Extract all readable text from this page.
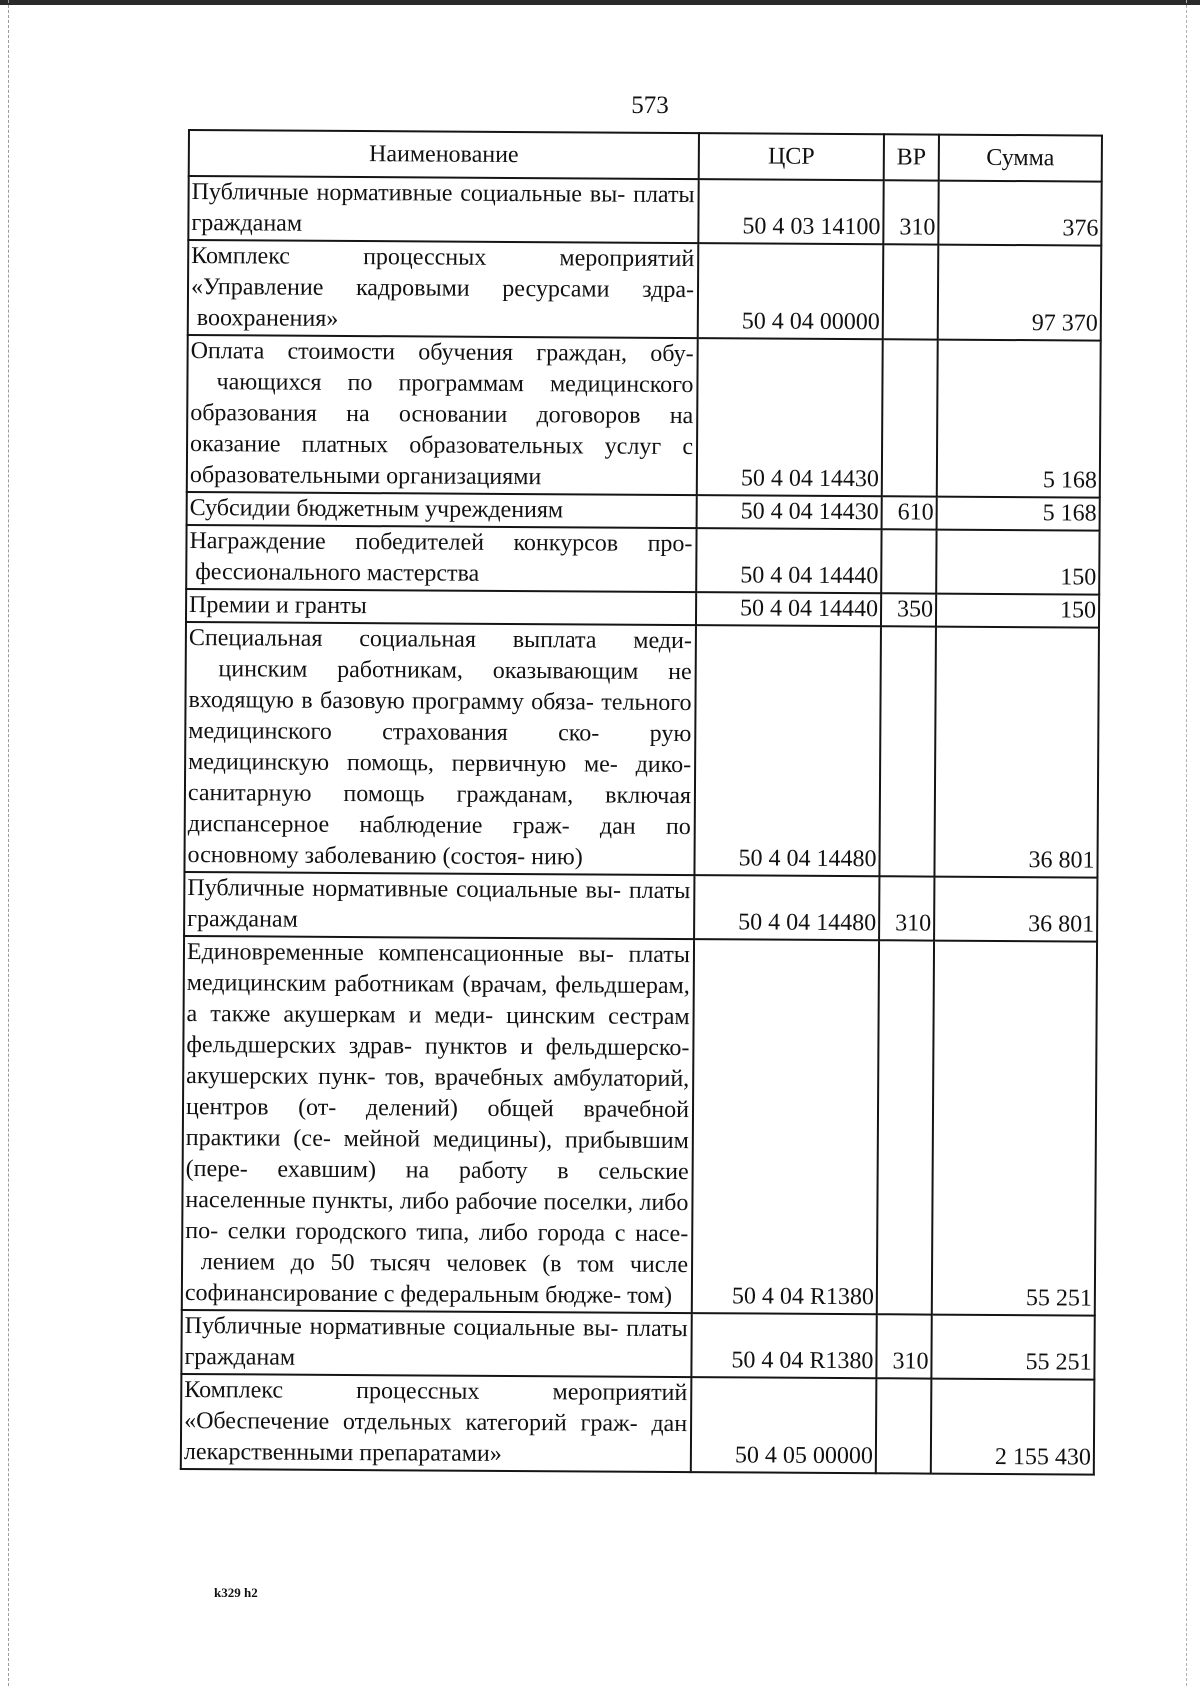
573
Наименование	ЦСР	ВР	Сумма
Публичные нормативные социальные вы- платы гражданам	50 4 03 14100	310	376
Комплекс процессных мероприятий «Управление кадровыми ресурсами здра- воохранения»	50 4 04 00000		97 370
Оплата стоимости обучения граждан, обу- чающихся по программам медицинского образования на основании договоров на оказание платных образовательных услуг с образовательными организациями	50 4 04 14430		5 168
Субсидии бюджетным учреждениям	50 4 04 14430	610	5 168
Награждение победителей конкурсов про- фессионального мастерства	50 4 04 14440		150
Премии и гранты	50 4 04 14440	350	150
Специальная социальная выплата меди- цинским работникам, оказывающим не входящую в базовую программу обяза- тельного медицинского страхования ско- рую медицинскую помощь, первичную ме- дико-санитарную помощь гражданам, включая диспансерное наблюдение граж- дан по основному заболеванию (состоя- нию)	50 4 04 14480		36 801
Публичные нормативные социальные вы- платы гражданам	50 4 04 14480	310	36 801
Единовременные компенсационные вы- платы медицинским работникам (врачам, фельдшерам, а также акушеркам и меди- цинским сестрам фельдшерских здрав- пунктов и фельдшерско-акушерских пунк- тов, врачебных амбулаторий, центров (от- делений) общей врачебной практики (се- мейной медицины), прибывшим (пере- ехавшим) на работу в сельские населенные пункты, либо рабочие поселки, либо по- селки городского типа, либо города с насе- лением до 50 тысяч человек (в том числе софинансирование с федеральным бюдже- том)	50 4 04 R1380		55 251
Публичные нормативные социальные вы- платы гражданам	50 4 04 R1380	310	55 251
Комплекс процессных мероприятий «Обеспечение отдельных категорий граж- дан лекарственными препаратами»	50 4 05 00000		2 155 430
k329 h2
